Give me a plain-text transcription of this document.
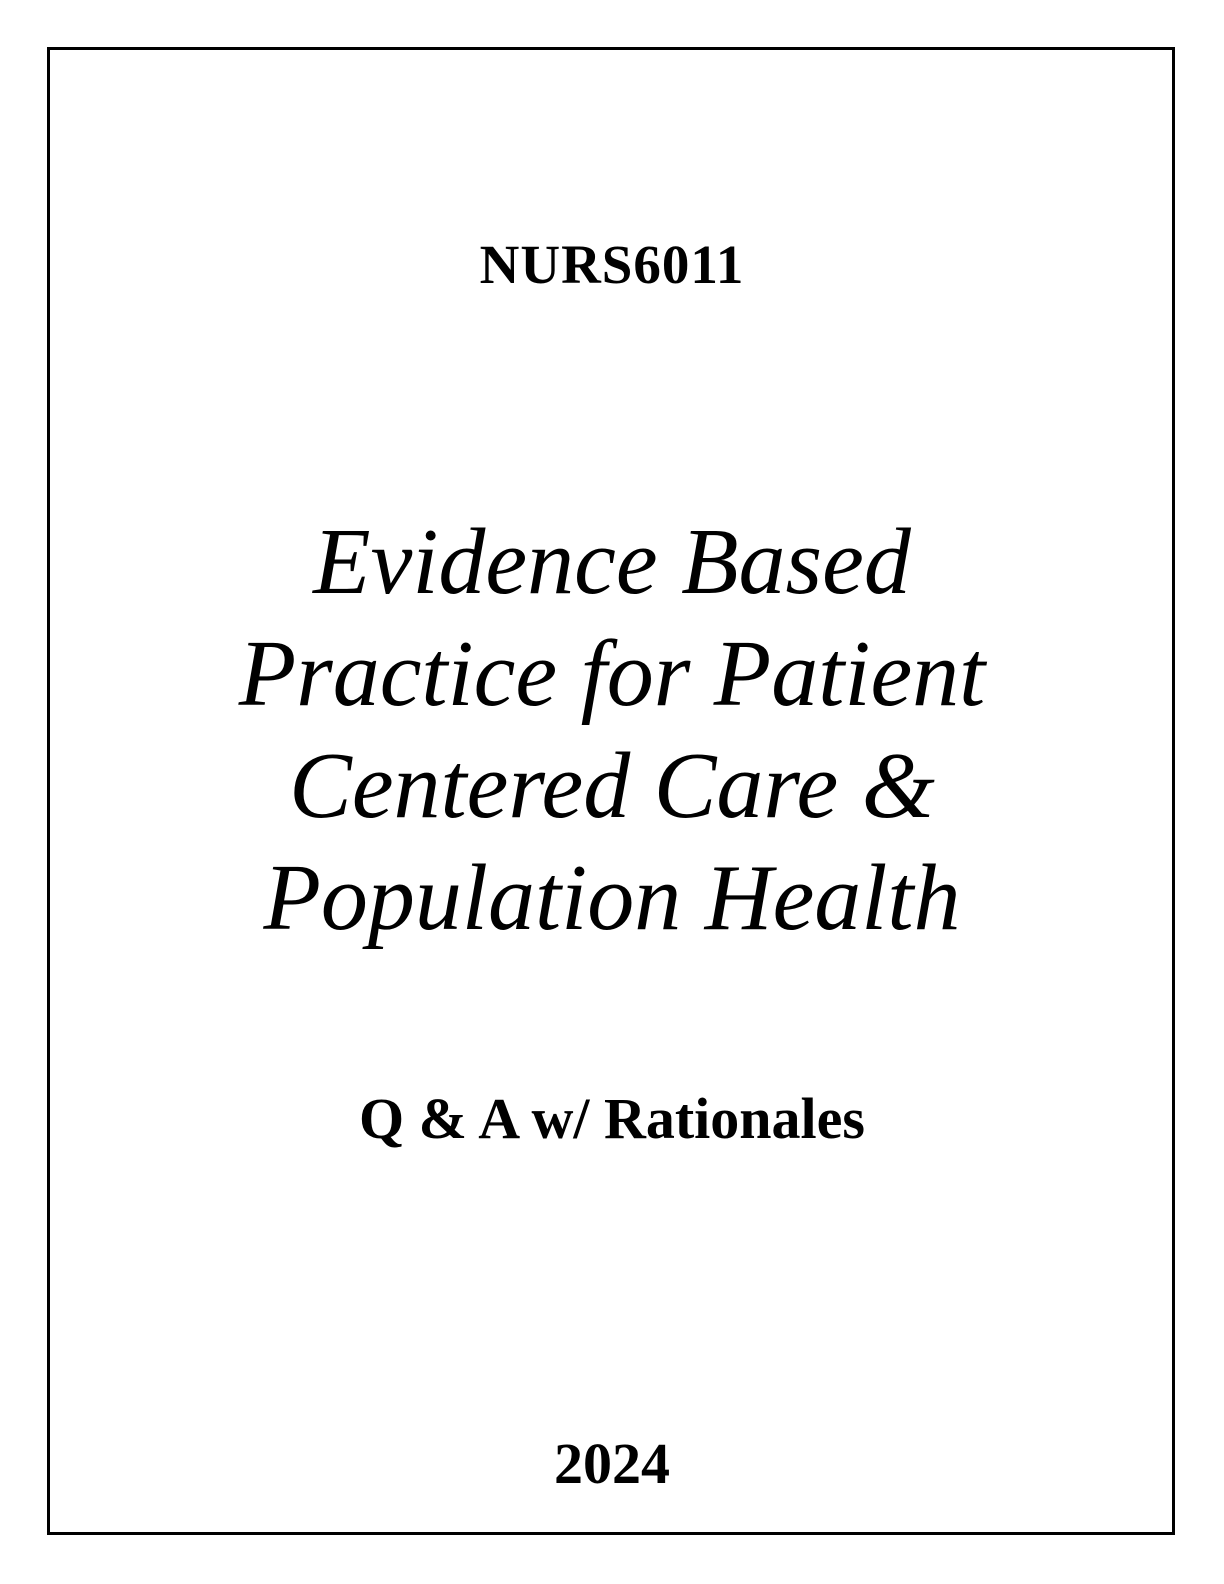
NURS6011
Evidence Based
Practice for Patient
Centered Care &
Population Health
Q & A w/ Rationales
2024
